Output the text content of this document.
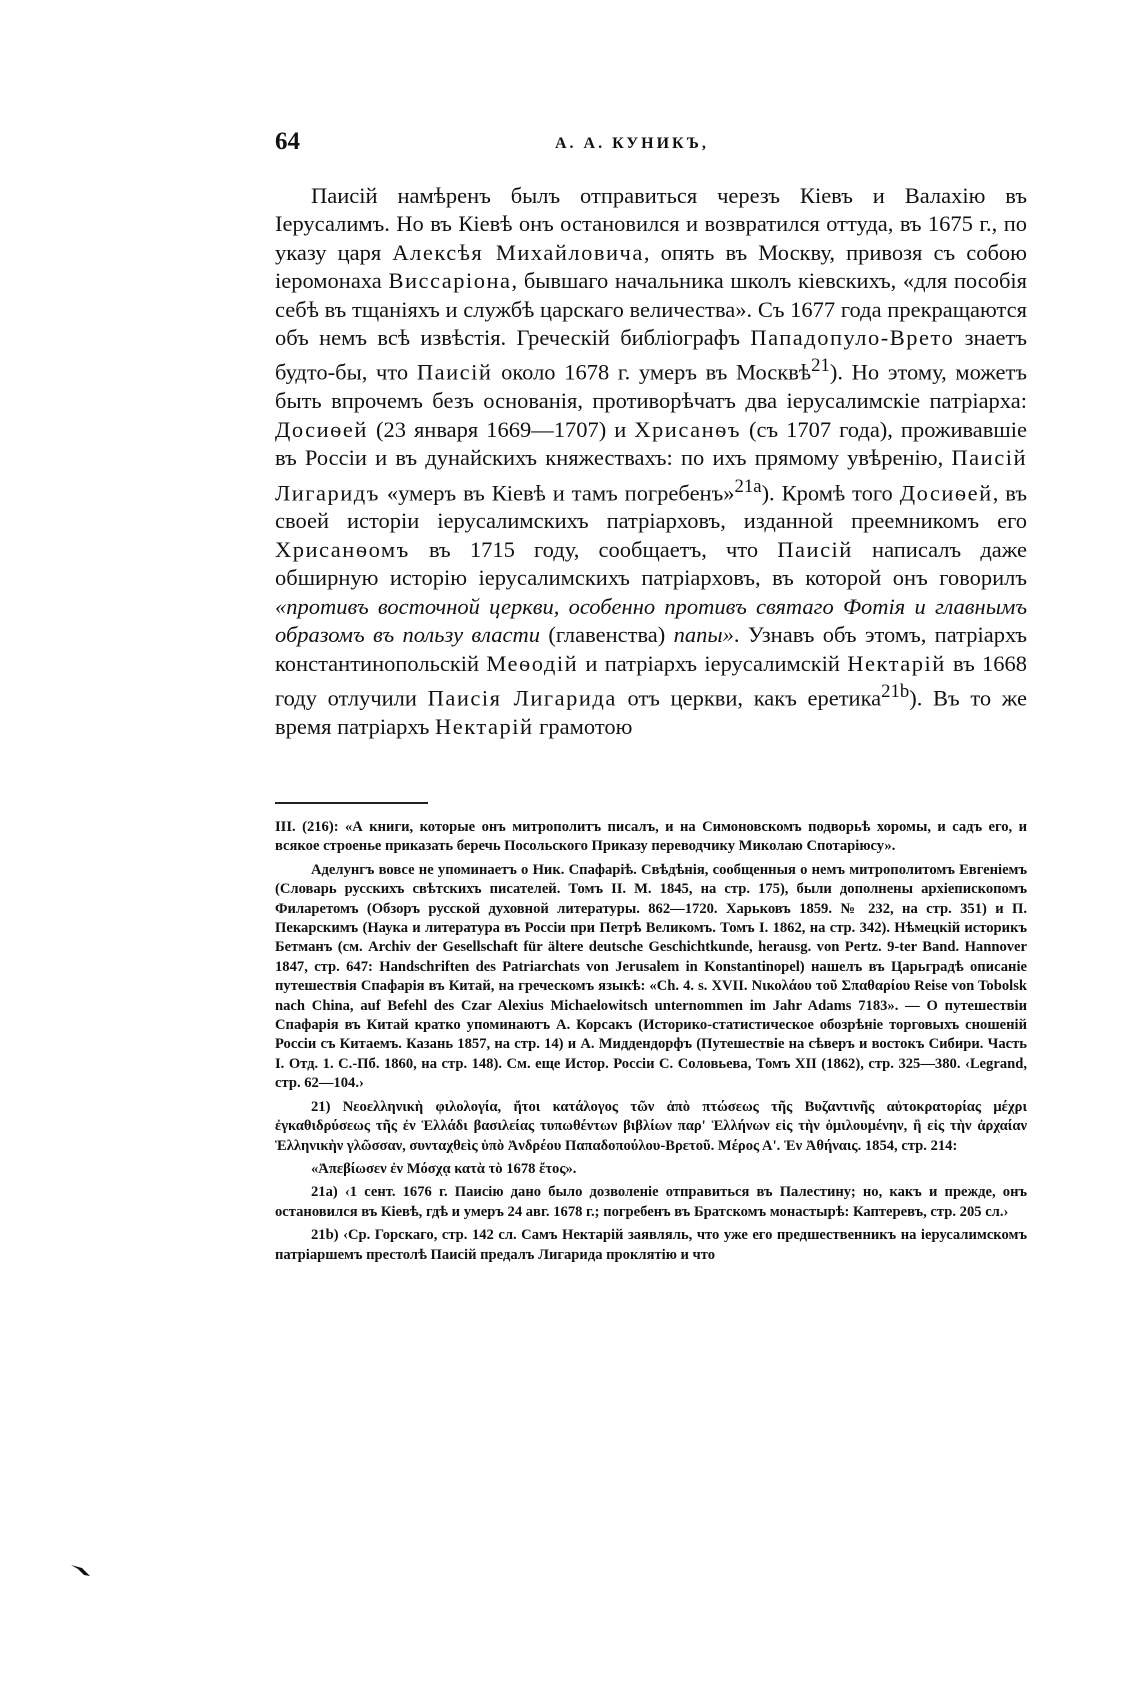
64	А. А. КУНИКЪ,

Паисій намѣренъ былъ отправиться черезъ Кіевъ и Валахію въ Іерусалимъ. Но въ Кіевѣ онъ остановился и возвратился оттуда, въ 1675 г., по указу царя Алексѣя Михайловича, опять въ Москву, привозя съ собою іеромонаха Виссаріона, бывшаго начальника школъ кіевскихъ, «для пособія себѣ въ тщаніяхъ и службѣ царскаго величества». Съ 1677 года прекращаются объ немъ всѣ извѣстія. Греческій библіографъ Пападопуло-Врето знаетъ будто-бы, что Паисій около 1678 г. умеръ въ Москвѣ$^{21}$). Но этому, можетъ быть впрочемъ безъ основанія, противорѣчатъ два іерусалимскіе патріарха: Досиѳей (23 января 1669—1707) и Хрисанѳъ (съ 1707 года), проживавшіе въ Россіи и въ дунайскихъ княжествахъ: по ихъ прямому увѣренію, Паисій Лигаридъ «умеръ въ Кіевѣ и тамъ погребенъ»$^{21a}$). Кромѣ того Досиѳей, въ своей исторіи іерусалимскихъ патріарховъ, изданной преемникомъ его Хрисанѳомъ въ 1715 году, сообщаетъ, что Паисій написалъ даже обширную исторію іерусалимскихъ патріарховъ, въ которой онъ говорилъ «противъ восточной церкви, особенно противъ святаго Фотія и главнымъ образомъ въ пользу власти (главенства) папы». Узнавъ объ этомъ, патріархъ константинопольскій Меѳодій и патріархъ іерусалимскій Нектарій въ 1668 году отлучили Паисія Лигарида отъ церкви, какъ еретика$^{21b}$). Въ то же время патріархъ Нектарій грамотою

III. (216): «А книги, которые онъ митрополитъ писалъ, и на Симоновскомъ подворьѣ хоромы, и садъ его, и всякое строенье приказать беречь Посольского Приказу переводчику Миколаю Спотарiюсу».

Аделунгъ вовсе не упоминаетъ о Ник. Спафаріѣ. Свѣдѣнія, сообщенныя о немъ митрополитомъ Евгеніемъ (Словарь русскихъ свѣтскихъ писателей. Томъ II. М. 1845, на стр. 175), были дополнены архіепископомъ Филаретомъ (Обзоръ русской духовной литературы. 862—1720. Харьковъ 1859. № 232, на стр. 351) и П. Пекарскимъ (Наука и литература въ Россіи при Петрѣ Великомъ. Томъ I. 1862, на стр. 342). Нѣмецкій историкъ Бетманъ (см. Archiv der Gesellschaft für ältere deutsche Geschichtkunde, herausg. von Pertz. 9-ter Band. Hannover 1847, стр. 647: Handschriften des Patriarchats von Jerusalem in Konstantinopel) нашелъ въ Царьградѣ описаніе путешествія Спафарія въ Китай, на греческомъ языкѣ: «Ch. 4. s. XVII. Νικολάου τοῦ Σπαθαρίου Reise von Tobolsk nach China, auf Befehl des Czar Alexius Michaelowitsch unternommen im Jahr Adams 7183». — О путешествіи Спафарія въ Китай кратко упоминаютъ А. Корсакъ (Историко-статистическое обозрѣніе торговыхъ сношеній Россіи съ Китаемъ. Казань 1857, на стр. 14) и А. Миддендорфъ (Путешествіе на сѣверъ и востокъ Сибири. Часть I. Отд. 1. С.-Пб. 1860, на стр. 148). См. еще Истор. Россіи С. Соловьева, Томъ XII (1862), стр. 325—380. ‹Legrand, стр. 62—104.›

21) Νεοελληνικὴ φιλολογία, ἤτοι κατάλογος τῶν ἀπὸ πτώσεως τῆς Βυζαντινῆς αὐτοκρατορίας μέχρι ἐγκαθιδρύσεως τῆς ἐν Ἑλλάδι βασιλείας τυπωθέντων βιβλίων παρ' Ἑλλήνων εἰς τὴν ὁμιλουμένην, ἢ εἰς τὴν ἀρχαίαν Ἑλληνικὴν γλῶσσαν, συνταχθεὶς ὑπὸ Ἀνδρέου Παπαδοπούλου-Βρετοῦ. Μέρος Α'. Ἐν Ἀθήναις. 1854, стр. 214:

«Ἀπεβίωσεν ἐν Μόσχᾳ κατὰ τὸ 1678 ἔτος».

21a) ‹1 сент. 1676 г. Паисію дано было дозволеніе отправиться въ Палестину; но, какъ и прежде, онъ остановился въ Кіевѣ, гдѣ и умеръ 24 авг. 1678 г.; погребенъ въ Братскомъ монастырѣ: Каптеревъ, стр. 205 сл.›

21b) ‹Ср. Горскаго, стр. 142 сл. Самъ Нектарій заявляль, что уже его предшественникъ на іерусалимскомъ патріаршемъ престолѣ Паисій предалъ Лигарида проклятію и что
